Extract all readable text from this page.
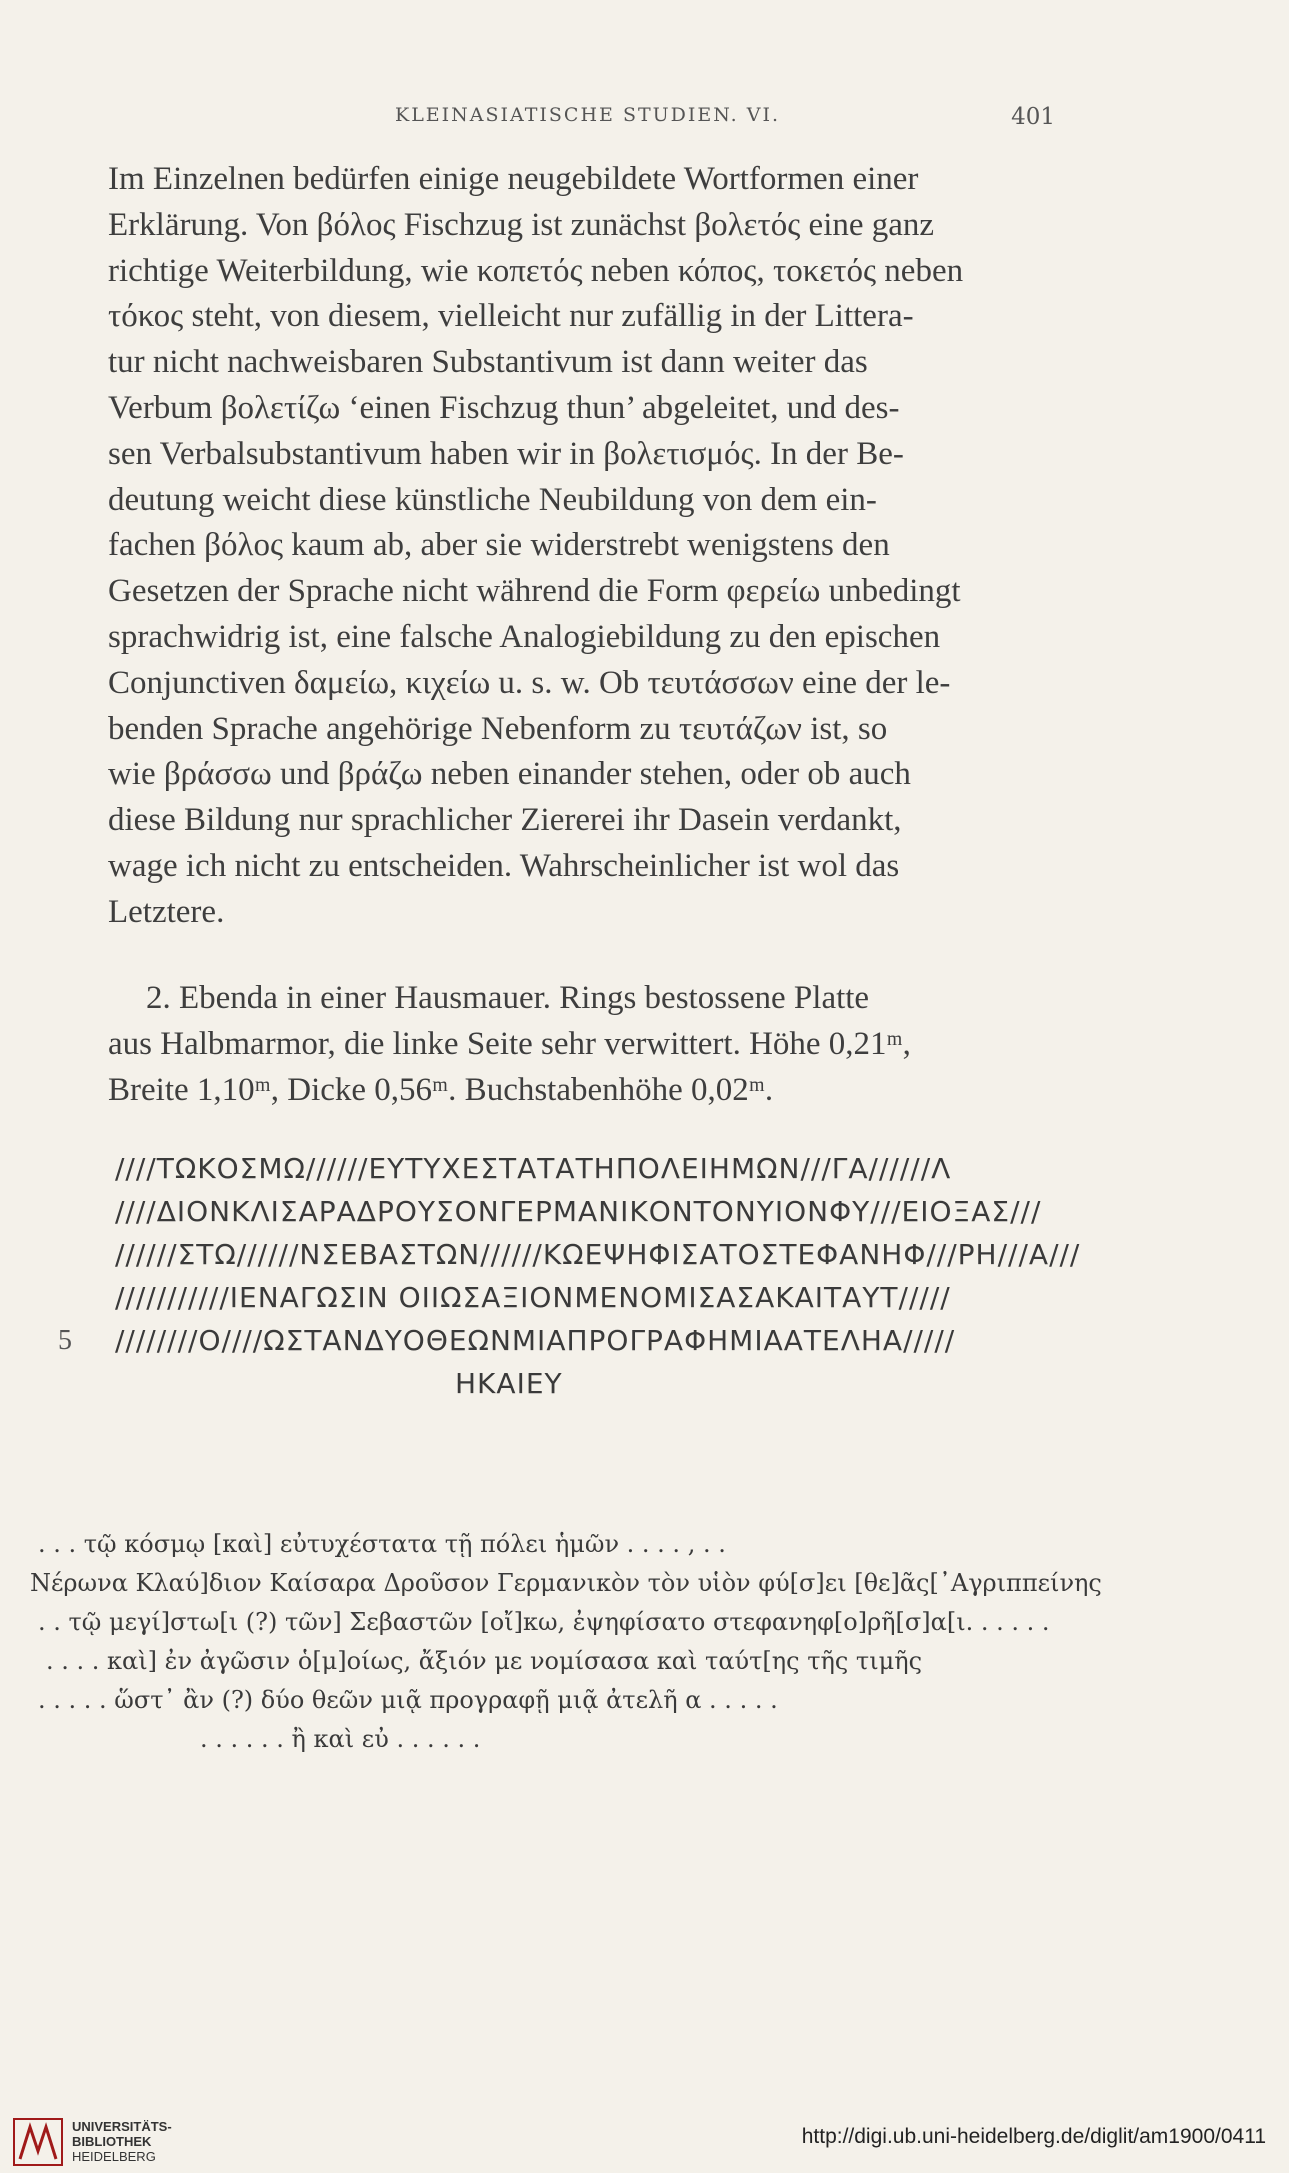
KLEINASIATISCHE STUDIEN. VI.	401
Im Einzelnen bedürfen einige neugebildete Wortformen einer
Erklärung. Von βόλος Fischzug ist zunächst βολετός eine ganz
richtige Weiterbildung, wie κοπετός neben κόπος, τοκετός neben
τόκος steht, von diesem, vielleicht nur zufällig in der Littera-
tur nicht nachweisbaren Substantivum ist dann weiter das
Verbum βολετίζω ‘einen Fischzug thun’ abgeleitet, und des-
sen Verbalsubstantivum haben wir in βολετισμός. In der Be-
deutung weicht diese künstliche Neubildung von dem ein-
fachen βόλος kaum ab, aber sie widerstrebt wenigstens den
Gesetzen der Sprache nicht während die Form φερείω unbedingt
sprachwidrig ist, eine falsche Analogiebildung zu den epischen
Conjunctiven δαμείω, κιχείω u. s. w. Ob τευτάσσων eine der le-
benden Sprache angehörige Nebenform zu τευτάζων ist, so
wie βράσσω und βράζω neben einander stehen, oder ob auch
diese Bildung nur sprachlicher Ziererei ihr Dasein verdankt,
wage ich nicht zu entscheiden. Wahrscheinlicher ist wol das
Letztere.
2. Ebenda in einer Hausmauer. Rings bestossene Platte
aus Halbmarmor, die linke Seite sehr verwittert. Höhe 0,21ᵐ,
Breite 1,10ᵐ, Dicke 0,56ᵐ. Buchstabenhöhe 0,02ᵐ.
////ΤΩΚΟΣΜΩ//////ΕΥΤΥΧΕΣΤΑΤΑΤΗΠΟΛΕΙΗΜΩΝ///ΓΑ//////Λ
////ΔΙΟΝΚΛΙΣΑΡΑΔΡΟΥΣΟΝΓΕΡΜΑΝΙΚΟΝΤΟΝΥΙΟΝΦΥ///ΕΙΟΞΑΣ///
//////ΣΤΩ//////ΝΣΕΒΑΣΤΩΝ//////ΚΩΕΨΗΦΙΣΑΤΟΣΤΕΦΑΝΗΦ///ΡΗ///Α///
///////////ΙΕΝΑΓΩΣΙΝ ΟΙΙΩΣΑΞΙΟΝΜΕΝΟΜΙΣΑΣΑΚΑΙΤΑΥΤ/////
5 ////////Ο////ΩΣΤΑΝΔΥΟΘΕΩΝΜΙΑΠΡΟΓΡΑΦΗΜΙΑΑΤΕΛΗΑ/////
ΗΚΑΙΕΥ
. . . τῷ κόσμῳ [καὶ] εὐτυχέστατα τῇ πόλει ἡμῶν . . . . , . .
Νέρωνα Κλαύ]διον Καίσαρα Δροῦσον Γερμανικὸν τὸν υἱὸν φύ[σ]ει [θε]ᾶς[᾽Αγριππείνης
. . τῷ μεγί]στω[ι (?) τῶν] Σεβαστῶν [οἴ]κω, ἐψηφίσατο στεφανηφ[ο]ρῆ[σ]α[ι. . . . . .
. . . . καὶ] ἐν ἀγῶσιν ὁ[μ]οίως, ἄξιόν με νομίσασα καὶ ταύτ[ης τῆς τιμῆς
. . . . . ὥστ᾽ ἂν (?) δύο θεῶν μιᾷ προγραφῇ μιᾷ ἀτελῆ α . . . . .
. . . . . . ἢ καὶ εὐ . . . . . .
UNIVERSITÄTS-
BIBLIOTHEK
HEIDELBERG
http://digi.ub.uni-heidelberg.de/diglit/am1900/0411
